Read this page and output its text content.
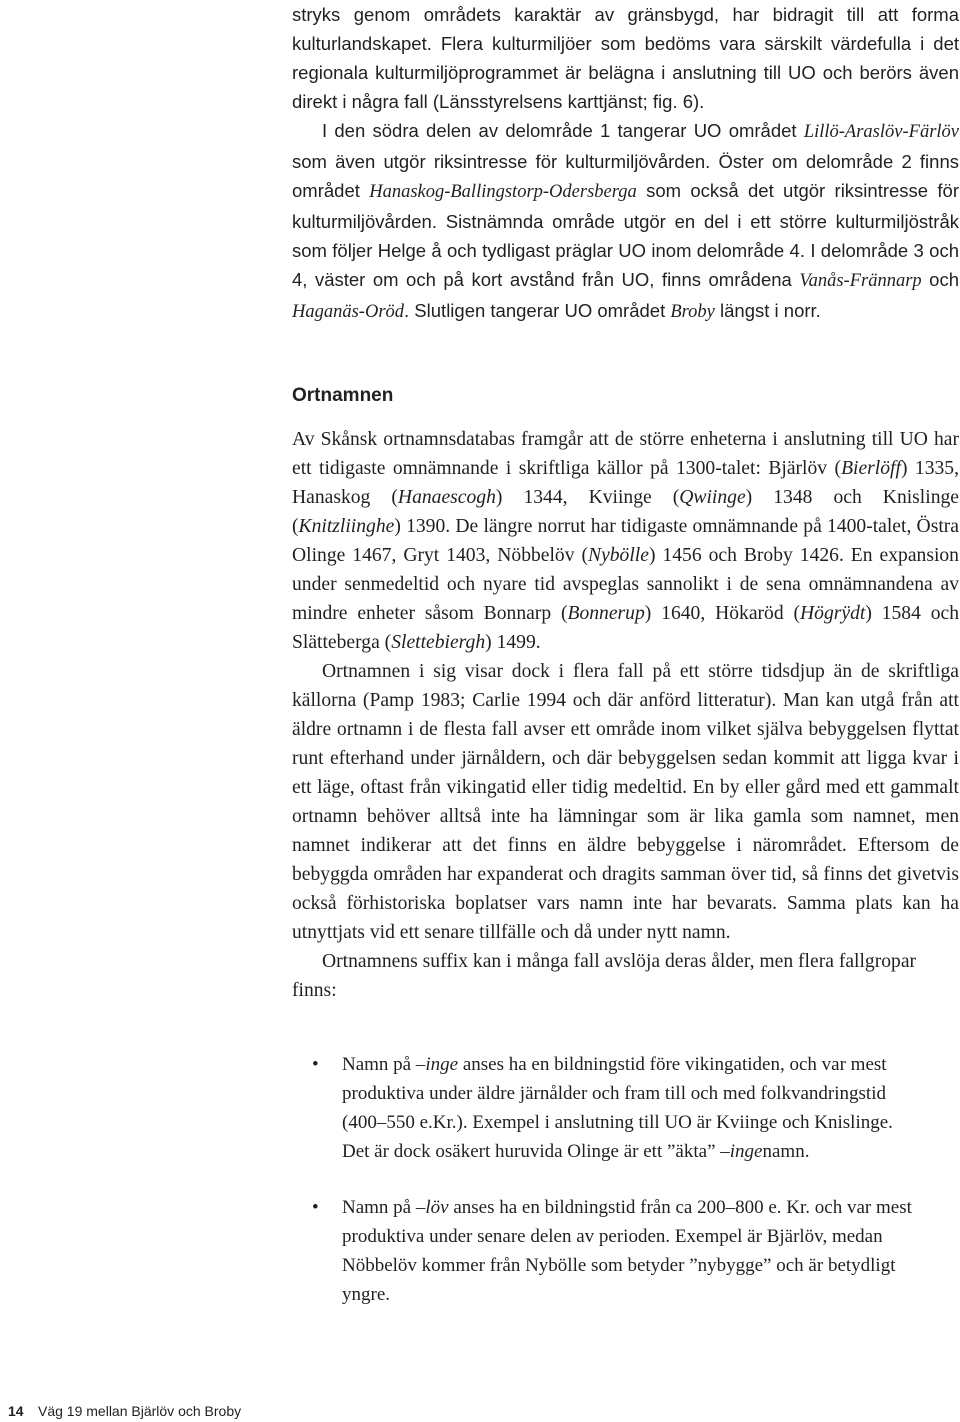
stryks genom områdets karaktär av gränsbygd, har bidragit till att forma kulturlandskapet. Flera kulturmiljöer som bedöms vara särskilt värdefulla i det regionala kulturmiljöprogrammet är belägna i anslutning till UO och berörs även direkt i några fall (Länsstyrelsens karttjänst; fig. 6).

I den södra delen av delområde 1 tangerar UO området Lillö-Araslöv-Färlöv som även utgör riksintresse för kulturmiljövården. Öster om delområde 2 finns området Hanaskog-Ballingstorp-Odersberga som också det utgör riksintresse för kulturmiljövården. Sistnämnda område utgör en del i ett större kulturmiljöstråk som följer Helge å och tydligast präglar UO inom delområde 4. I delområde 3 och 4, väster om och på kort avstånd från UO, finns områdena Vanås-Frännarp och Haganäs-Oröd. Slutligen tangerar UO området Broby längst i norr.

Ortnamnen

Av Skånsk ortnamnsdatabas framgår att de större enheterna i anslutning till UO har ett tidigaste omnämnande i skriftliga källor på 1300-talet: Bjärlöv (Bierlöff) 1335, Hanaskog (Hanaescogh) 1344, Kviinge (Qwiinge) 1348 och Knislinge (Knitzliinghe) 1390. De längre norrut har tidigaste omnämnande på 1400-talet, Östra Olinge 1467, Gryt 1403, Nöbbelöv (Nybölle) 1456 och Broby 1426. En expansion under senmedeltid och nyare tid avspeglas sannolikt i de sena omnämnandena av mindre enheter såsom Bonnarp (Bonnerup) 1640, Hökaröd (Högrÿdt) 1584 och Slätteberga (Slettebiergh) 1499.

Ortnamnen i sig visar dock i flera fall på ett större tidsdjup än de skriftliga källorna (Pamp 1983; Carlie 1994 och där anförd litteratur). Man kan utgå från att äldre ortnamn i de flesta fall avser ett område inom vilket själva bebyggelsen flyttat runt efterhand under järnåldern, och där bebyggelsen sedan kommit att ligga kvar i ett läge, oftast från vikingatid eller tidig medeltid. En by eller gård med ett gammalt ortnamn behöver alltså inte ha lämningar som är lika gamla som namnet, men namnet indikerar att det finns en äldre bebyggelse i närområdet. Eftersom de bebyggda områden har expanderat och dragits samman över tid, så finns det givetvis också förhistoriska boplatser vars namn inte har bevarats. Samma plats kan ha utnyttjats vid ett senare tillfälle och då under nytt namn.

Ortnamnens suffix kan i många fall avslöja deras ålder, men flera fallgropar finns:

• Namn på –inge anses ha en bildningstid före vikingatiden, och var mest produktiva under äldre järnålder och fram till och med folkvandringstid (400–550 e.Kr.). Exempel i anslutning till UO är Kviinge och Knislinge. Det är dock osäkert huruvida Olinge är ett ”äkta” –ingenamn.
• Namn på –löv anses ha en bildningstid från ca 200–800 e. Kr. och var mest produktiva under senare delen av perioden. Exempel är Bjärlöv, medan Nöbbelöv kommer från Nybölle som betyder ”nybygge” och är betydligt yngre.
14 Väg 19 mellan Bjärlöv och Broby
